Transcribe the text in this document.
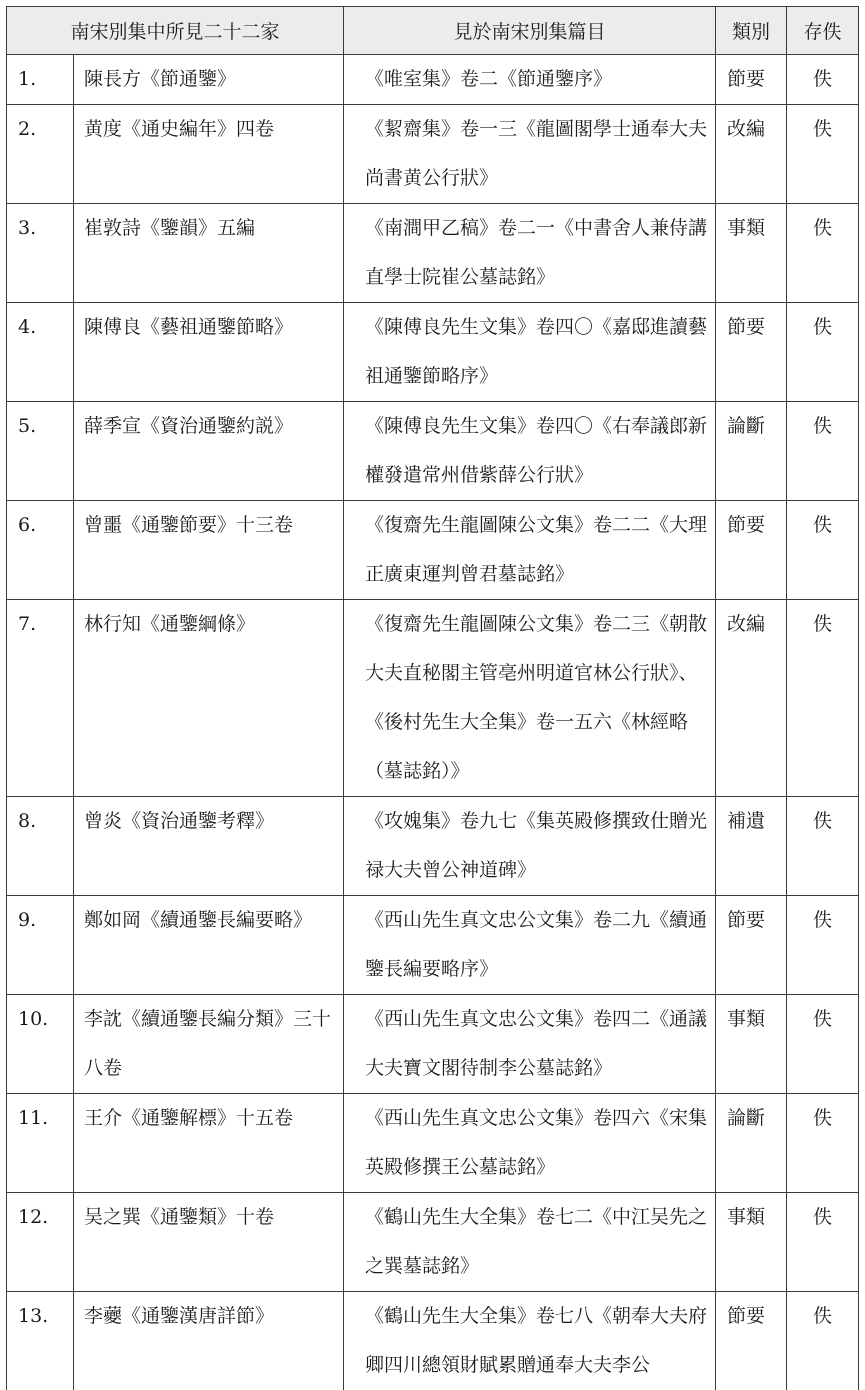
南宋別集中所見二十二家		見於南宋別集篇目	類別	存佚
1.	陳長方《節通鑒》	《唯室集》卷二《節通鑒序》	節要	佚
2.	黄度《通史編年》四卷	《絜齋集》卷一三《龍圖閣學士通奉大夫尚書黄公行狀》	改編	佚
3.	崔敦詩《鑒韻》五編	《南澗甲乙稿》卷二一《中書舍人兼侍講直學士院崔公墓誌銘》	事類	佚
4.	陳傅良《藝祖通鑒節略》	《陳傅良先生文集》卷四〇《嘉邸進讀藝祖通鑒節略序》	節要	佚
5.	薛季宣《資治通鑒約説》	《陳傅良先生文集》卷四〇《右奉議郎新權發遣常州借紫薛公行狀》	論斷	佚
6.	曾噩《通鑒節要》十三卷	《復齋先生龍圖陳公文集》卷二二《大理正廣東運判曾君墓誌銘》	節要	佚
7.	林行知《通鑒綱條》	《復齋先生龍圖陳公文集》卷二三《朝散大夫直秘閣主管亳州明道官林公行狀》、《後村先生大全集》卷一五六《林經略（墓誌銘）》	改編	佚
8.	曾炎《資治通鑒考釋》	《攻媿集》卷九七《集英殿修撰致仕贈光禄大夫曾公神道碑》	補遺	佚
9.	鄭如岡《續通鑒長編要略》	《西山先生真文忠公文集》卷二九《續通鑒長編要略序》	節要	佚
10.	李訦《續通鑒長編分類》三十八卷	《西山先生真文忠公文集》卷四二《通議大夫寶文閣待制李公墓誌銘》	事類	佚
11.	王介《通鑒解標》十五卷	《西山先生真文忠公文集》卷四六《宋集英殿修撰王公墓誌銘》	論斷	佚
12.	吴之巽《通鑒類》十卷	《鶴山先生大全集》卷七二《中江吴先之之巽墓誌銘》	事類	佚
13.	李蘷《通鑒漢唐詳節》	《鶴山先生大全集》卷七八《朝奉大夫府卿四川總領財賦累贈通奉大夫李公	節要	佚
